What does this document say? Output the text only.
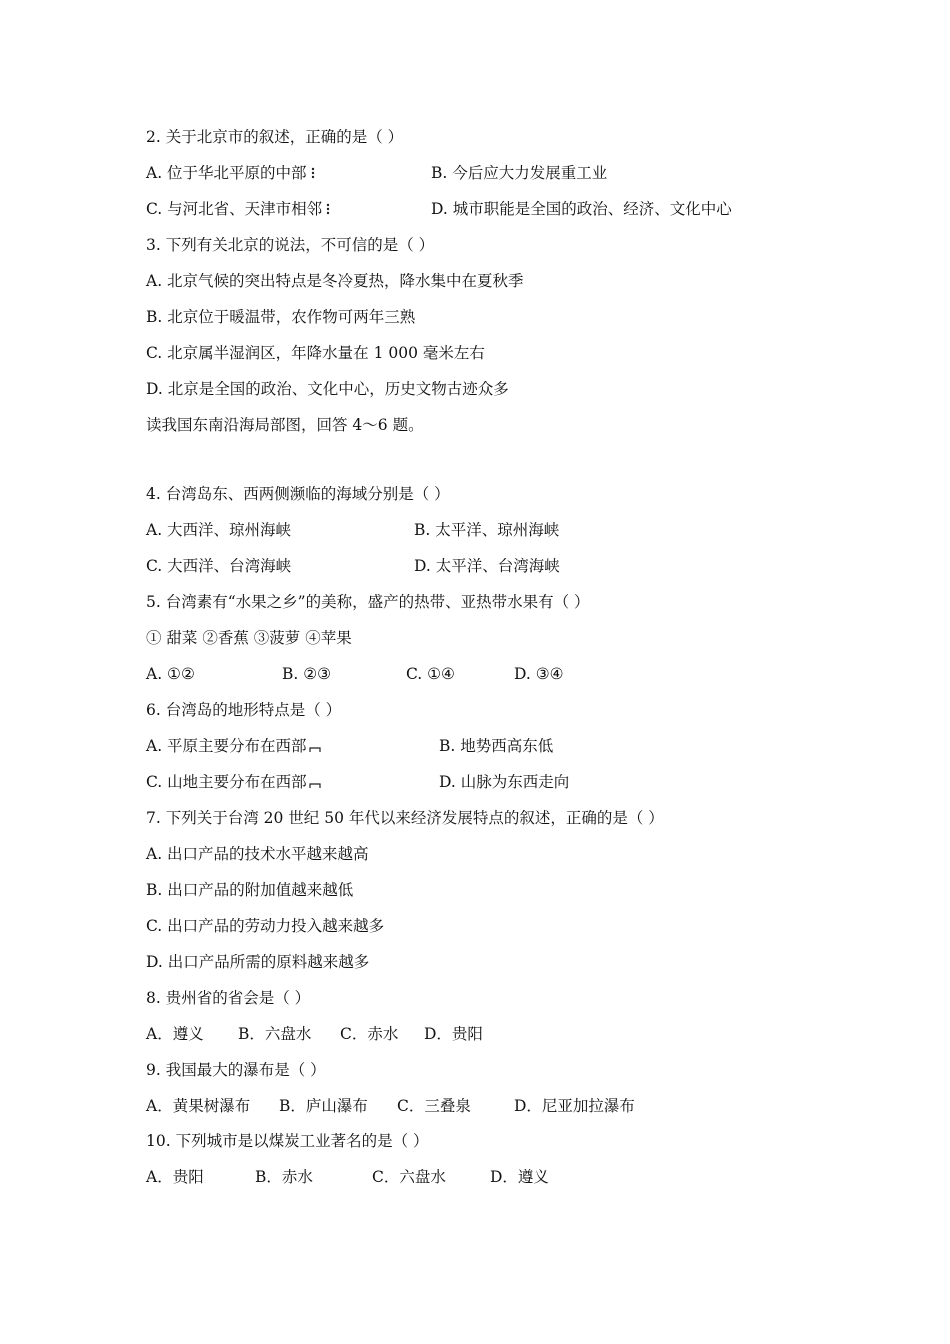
2. 关于北京市的叙述，正确的是（ ）
A. 位于华北平原的中部	B. 今后应大力发展重工业
C. 与河北省、天津市相邻	D. 城市职能是全国的政治、经济、文化中心
3. 下列有关北京的说法，不可信的是（ ）
A. 北京气候的突出特点是冬冷夏热，降水集中在夏秋季
B. 北京位于暖温带，农作物可两年三熟
C. 北京属半湿润区，年降水量在 1 000 毫米左右
D. 北京是全国的政治、文化中心，历史文物古迹众多
读我国东南沿海局部图，回答 4～6 题。
4. 台湾岛东、西两侧濒临的海域分别是（ ）
A. 大西洋、琼州海峡	B. 太平洋、琼州海峡
C. 大西洋、台湾海峡	D. 太平洋、台湾海峡
5. 台湾素有“水果之乡”的美称，盛产的热带、亚热带水果有（ ）
① 甜菜 ②香蕉 ③菠萝 ④苹果
A. ①②	B. ②③	C. ①④	D. ③④
6. 台湾岛的地形特点是（ ）
A. 平原主要分布在西部	B. 地势西高东低
C. 山地主要分布在西部	D. 山脉为东西走向
7. 下列关于台湾 20 世纪 50 年代以来经济发展特点的叙述，正确的是（ ）
A. 出口产品的技术水平越来越高
B. 出口产品的附加值越来越低
C. 出口产品的劳动力投入越来越多
D. 出口产品所需的原料越来越多
8. 贵州省的省会是（ ）
A．遵义 B．六盘水 C．赤水 D．贵阳
9. 我国最大的瀑布是（ ）
A．黄果树瀑布 B．庐山瀑布 C．三叠泉	D．尼亚加拉瀑布
10. 下列城市是以煤炭工业著名的是（ ）
A．贵阳	B．赤水	C．六盘水	D．遵义
